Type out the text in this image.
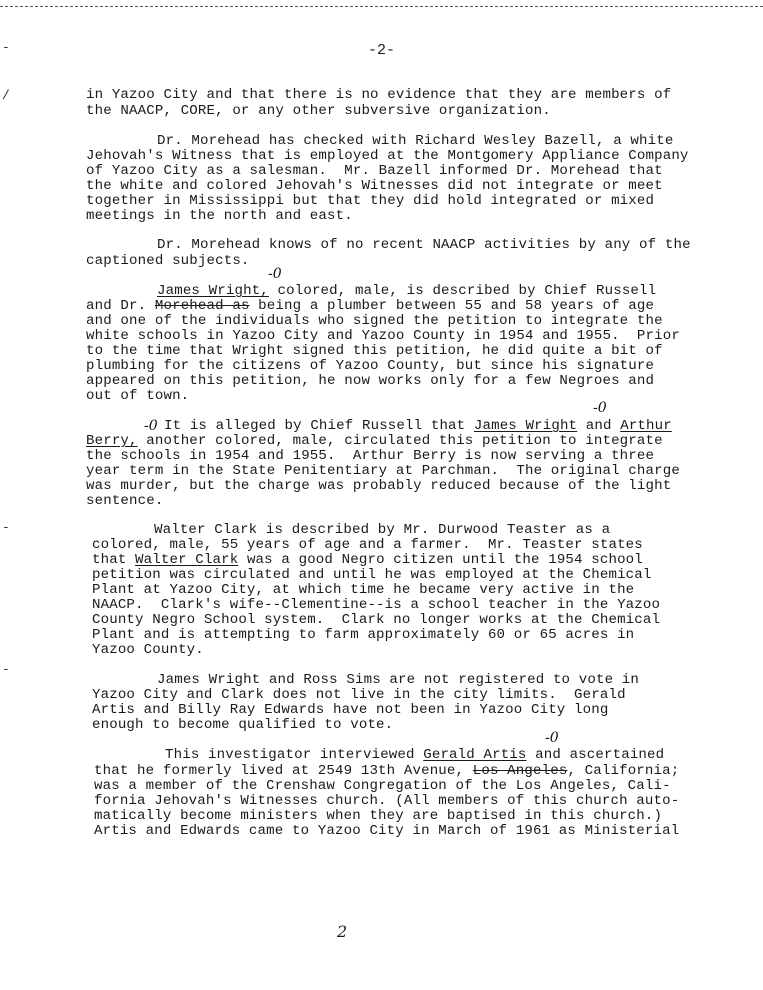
-
/
-
-
-2-
in Yazoo City and that there is no evidence that they are members of
the NAACP, CORE, or any other subversive organization.
Dr. Morehead has checked with Richard Wesley Bazell, a white
Jehovah's Witness that is employed at the Montgomery Appliance Company
of Yazoo City as a salesman.  Mr. Bazell informed Dr. Morehead that
the white and colored Jehovah's Witnesses did not integrate or meet
together in Mississippi but that they did hold integrated or mixed
meetings in the north and east.
Dr. Morehead knows of no recent NAACP activities by any of the
captioned subjects.
-0
James Wright, colored, male, is described by Chief Russell
and Dr. Morehead as being a plumber between 55 and 58 years of age
and one of the individuals who signed the petition to integrate the
white schools in Yazoo City and Yazoo County in 1954 and 1955.  Prior
to the time that Wright signed this petition, he did quite a bit of
plumbing for the citizens of Yazoo County, but since his signature
appeared on this petition, he now works only for a few Negroes and
out of town.
-0
-0 It is alleged by Chief Russell that James Wright and Arthur
Berry, another colored, male, circulated this petition to integrate
the schools in 1954 and 1955.  Arthur Berry is now serving a three
year term in the State Penitentiary at Parchman.  The original charge
was murder, but the charge was probably reduced because of the light
sentence.
Walter Clark is described by Mr. Durwood Teaster as a
colored, male, 55 years of age and a farmer.  Mr. Teaster states
that Walter Clark was a good Negro citizen until the 1954 school
petition was circulated and until he was employed at the Chemical
Plant at Yazoo City, at which time he became very active in the
NAACP.  Clark's wife--Clementine--is a school teacher in the Yazoo
County Negro School system.  Clark no longer works at the Chemical
Plant and is attempting to farm approximately 60 or 65 acres in
Yazoo County.
James Wright and Ross Sims are not registered to vote in
Yazoo City and Clark does not live in the city limits.  Gerald
Artis and Billy Ray Edwards have not been in Yazoo City long
enough to become qualified to vote.
-0
This investigator interviewed Gerald Artis and ascertained
that he formerly lived at 2549 13th Avenue, Los Angeles, California;
was a member of the Crenshaw Congregation of the Los Angeles, Cali-
fornia Jehovah's Witnesses church. (All members of this church auto-
matically become ministers when they are baptised in this church.)
Artis and Edwards came to Yazoo City in March of 1961 as Ministerial
2
